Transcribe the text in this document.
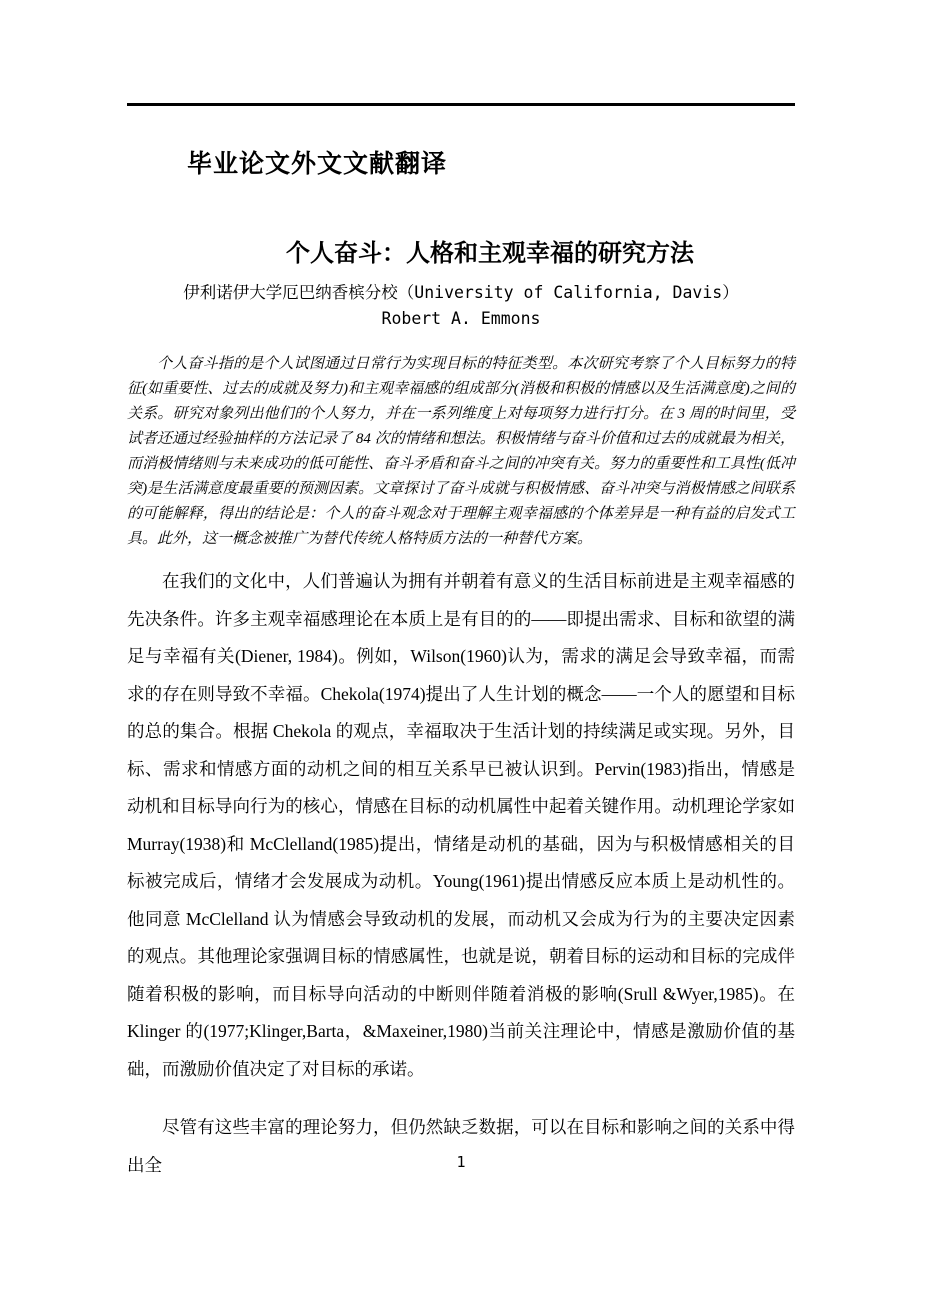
毕业论文外文文献翻译
个人奋斗：人格和主观幸福的研究方法
伊利诺伊大学厄巴纳香槟分校（University of California, Davis）
Robert A. Emmons

个人奋斗指的是个人试图通过日常行为实现目标的特征类型。本次研究考察了个人目标努力的特征(如重要性、过去的成就及努力)和主观幸福感的组成部分(消极和积极的情感以及生活满意度)之间的关系。研究对象列出他们的个人努力，并在一系列维度上对每项努力进行打分。在 3 周的时间里，受试者还通过经验抽样的方法记录了 84 次的情绪和想法。积极情绪与奋斗价值和过去的成就最为相关，而消极情绪则与未来成功的低可能性、奋斗矛盾和奋斗之间的冲突有关。努力的重要性和工具性(低冲突)是生活满意度最重要的预测因素。文章探讨了奋斗成就与积极情感、奋斗冲突与消极情感之间联系的可能解释，得出的结论是：个人的奋斗观念对于理解主观幸福感的个体差异是一种有益的启发式工具。此外，这一概念被推广为替代传统人格特质方法的一种替代方案。

在我们的文化中，人们普遍认为拥有并朝着有意义的生活目标前进是主观幸福感的先决条件。许多主观幸福感理论在本质上是有目的的——即提出需求、目标和欲望的满足与幸福有关(Diener, 1984)。例如，Wilson(1960)认为，需求的满足会导致幸福，而需求的存在则导致不幸福。Chekola(1974)提出了人生计划的概念——一个人的愿望和目标的总的集合。根据 Chekola 的观点，幸福取决于生活计划的持续满足或实现。另外，目标、需求和情感方面的动机之间的相互关系早已被认识到。Pervin(1983)指出，情感是动机和目标导向行为的核心，情感在目标的动机属性中起着关键作用。动机理论学家如 Murray(1938)和 McClelland(1985)提出，情绪是动机的基础，因为与积极情感相关的目标被完成后，情绪才会发展成为动机。Young(1961)提出情感反应本质上是动机性的。他同意 McClelland 认为情感会导致动机的发展，而动机又会成为行为的主要决定因素的观点。其他理论家强调目标的情感属性，也就是说，朝着目标的运动和目标的完成伴随着积极的影响，而目标导向活动的中断则伴随着消极的影响(Srull &Wyer,1985)。在 Klinger 的(1977;Klinger,Barta，&Maxeiner,1980)当前关注理论中，情感是激励价值的基础，而激励价值决定了对目标的承诺。

尽管有这些丰富的理论努力，但仍然缺乏数据，可以在目标和影响之间的关系中得出全	1
